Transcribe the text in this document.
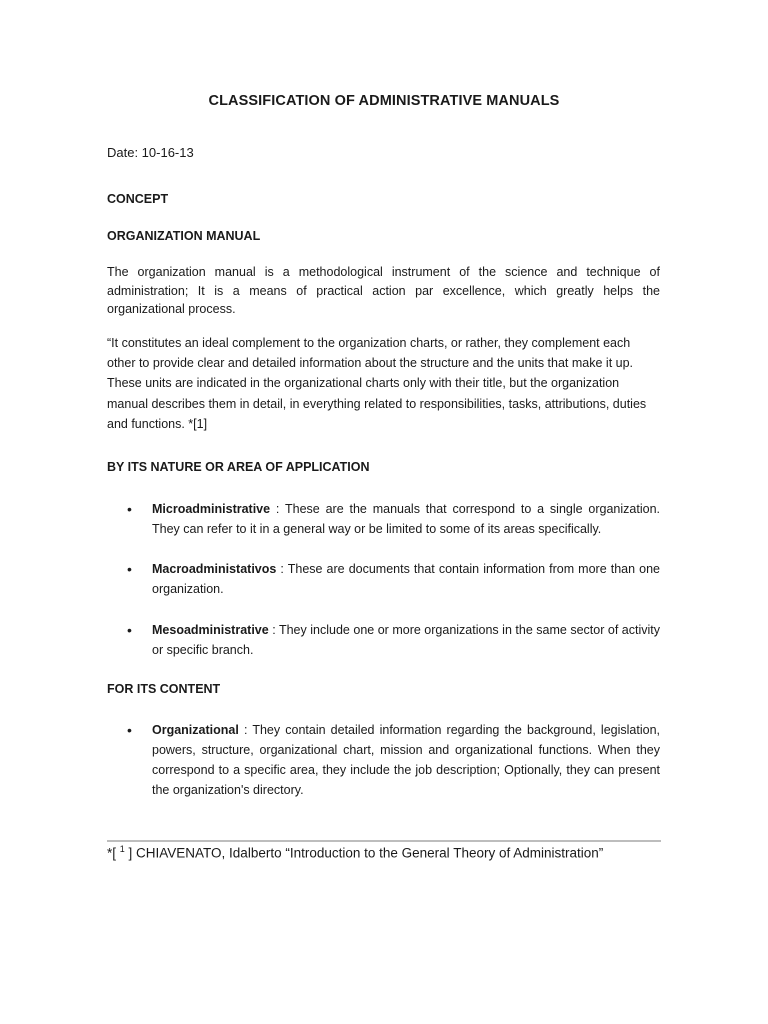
CLASSIFICATION OF ADMINISTRATIVE MANUALS
Date: 10-16-13
CONCEPT
ORGANIZATION MANUAL

The organization manual is a methodological instrument of the science and technique of administration; It is a means of practical action par excellence, which greatly helps the organizational process.

“It constitutes an ideal complement to the organization charts, or rather, they complement each other to provide clear and detailed information about the structure and the units that make it up. These units are indicated in the organizational charts only with their title, but the organization manual describes them in detail, in everything related to responsibilities, tasks, attributions, duties and functions. *[1]

BY ITS NATURE OR AREA OF APPLICATION
• Microadministrative : These are the manuals that correspond to a single organization. They can refer to it in a general way or be limited to some of its areas specifically.
• Macroadministativos : These are documents that contain information from more than one organization.
• Mesoadministrative : They include one or more organizations in the same sector of activity or specific branch.
FOR ITS CONTENT
• Organizational : They contain detailed information regarding the background, legislation, powers, structure, organizational chart, mission and organizational functions. When they correspond to a specific area, they include the job description; Optionally, they can present the organization's directory.
*[ $^1$ ] CHIAVENATO, Idalberto “Introduction to the General Theory of Administration”
